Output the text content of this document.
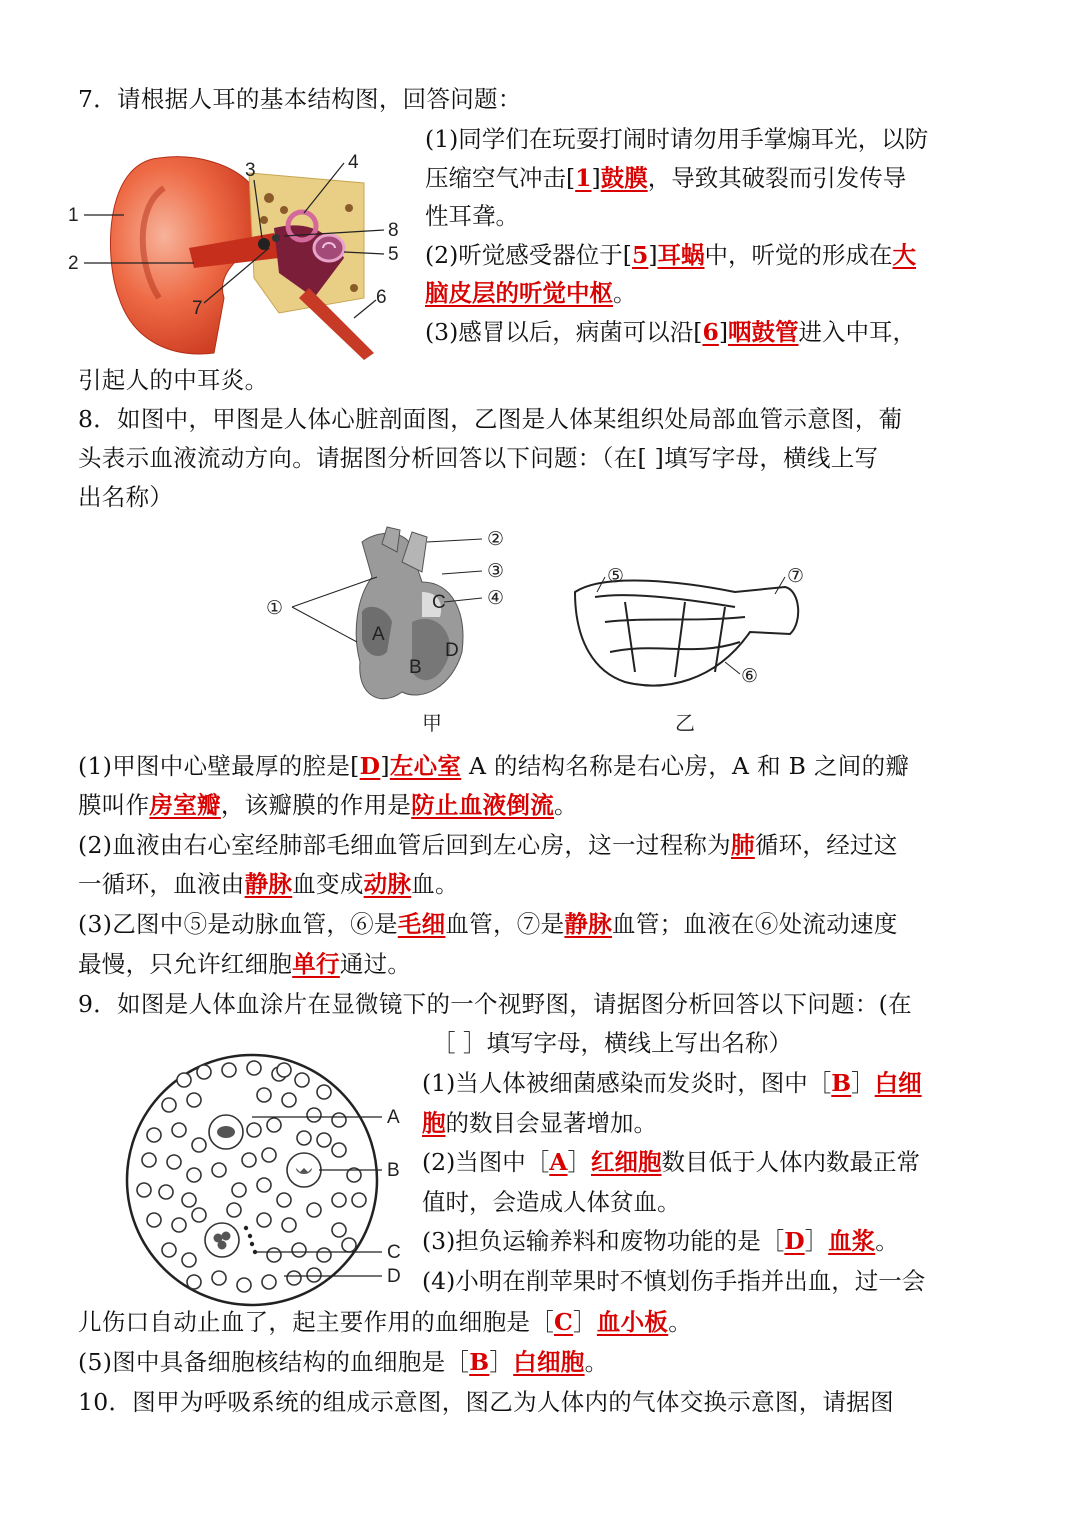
7．请根据人耳的基本结构图，回答问题：
1
2
3	4
5
6
7
8
(1)同学们在玩耍打闹时请勿用手掌煽耳光，以防
压缩空气冲击[1]鼓膜，导致其破裂而引发传导
性耳聋。
(2)听觉感受器位于[5]耳蜗中，听觉的形成在大
脑皮层的听觉中枢。
(3)感冒以后，病菌可以沿[6]咽鼓管进入中耳，
引起人的中耳炎。
8．如图中，甲图是人体心脏剖面图，乙图是人体某组织处局部血管示意图，葡
头表示血液流动方向。请据图分析回答以下问题：（在[ ]填写字母，横线上写
出名称）
②
③
④
①	C
A
D
B
甲
⑤	⑦
⑥
乙
(1)甲图中心壁最厚的腔是[D]左心室 A 的结构名称是右心房，A 和 B 之间的瓣
膜叫作房室瓣，该瓣膜的作用是防止血液倒流。
(2)血液由右心室经肺部毛细血管后回到左心房，这一过程称为肺循环，经过这
一循环，血液由静脉血变成动脉血。
(3)乙图中⑤是动脉血管，⑥是毛细血管，⑦是静脉血管；血液在⑥处流动速度
最慢，只允许红细胞单行通过。
9．如图是人体血涂片在显微镜下的一个视野图，请据图分析回答以下问题：(在
［ ］填写字母，横线上写出名称）
A
B
C
D
(1)当人体被细菌感染而发炎时，图中［B］白细
胞的数目会显著增加。
(2)当图中［A］红细胞数目低于人体内数最正常
值时，会造成人体贫血。
(3)担负运输养料和废物功能的是［D］血浆。
(4)小明在削苹果时不慎划伤手指并出血，过一会
儿伤口自动止血了，起主要作用的血细胞是［C］血小板。
(5)图中具备细胞核结构的血细胞是［B］白细胞。
10．图甲为呼吸系统的组成示意图，图乙为人体内的气体交换示意图，请据图
